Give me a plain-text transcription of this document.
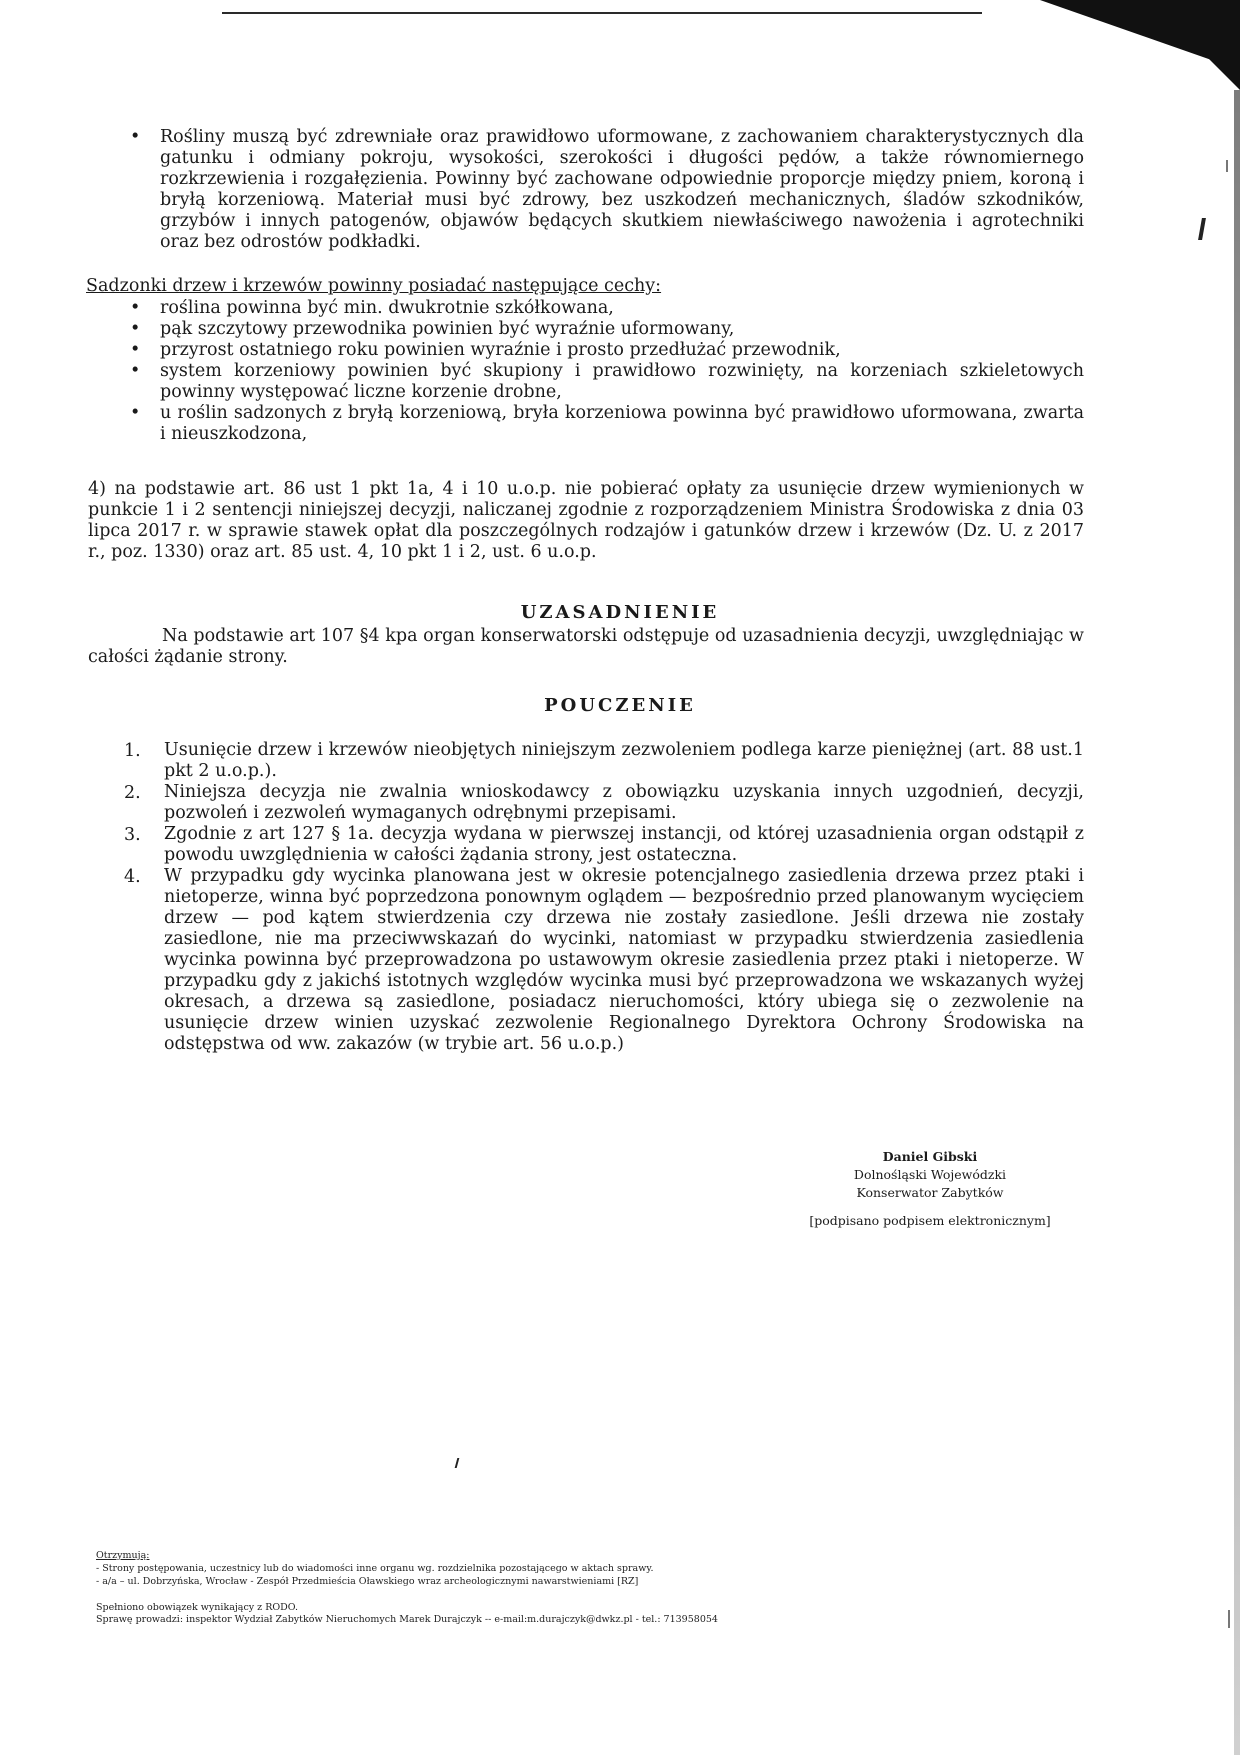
• Rośliny muszą być zdrewniałe oraz prawidłowo uformowane, z zachowaniem charakterystycznych dla gatunku i odmiany pokroju, wysokości, szerokości i długości pędów, a także równomiernego rozkrzewienia i rozgałęzienia. Powinny być zachowane odpowiednie proporcje między pniem, koroną i bryłą korzeniową. Materiał musi być zdrowy, bez uszkodzeń mechanicznych, śladów szkodników, grzybów i innych patogenów, objawów będących skutkiem niewłaściwego nawożenia i agrotechniki oraz bez odrostów podkładki.
Sadzonki drzew i krzewów powinny posiadać następujące cechy:
• roślina powinna być min. dwukrotnie szkółkowana,
• pąk szczytowy przewodnika powinien być wyraźnie uformowany,
• przyrost ostatniego roku powinien wyraźnie i prosto przedłużać przewodnik,
• system korzeniowy powinien być skupiony i prawidłowo rozwinięty, na korzeniach szkieletowych powinny występować liczne korzenie drobne,
• u roślin sadzonych z bryłą korzeniową, bryła korzeniowa powinna być prawidłowo uformowana, zwarta i nieuszkodzona,
4) na podstawie art. 86 ust 1 pkt 1a, 4 i 10 u.o.p. nie pobierać opłaty za usunięcie drzew wymienionych w punkcie 1 i 2 sentencji niniejszej decyzji, naliczanej zgodnie z rozporządzeniem Ministra Środowiska z dnia 03 lipca 2017 r. w sprawie stawek opłat dla poszczególnych rodzajów i gatunków drzew i krzewów (Dz. U. z 2017 r., poz. 1330) oraz art. 85 ust. 4, 10 pkt 1 i 2, ust. 6 u.o.p.
UZASADNIENIE
Na podstawie art 107 §4 kpa organ konserwatorski odstępuje od uzasadnienia decyzji, uwzględniając w całości żądanie strony.
POUCZENIE
1. Usunięcie drzew i krzewów nieobjętych niniejszym zezwoleniem podlega karze pieniężnej (art. 88 ust.1 pkt 2 u.o.p.).
2. Niniejsza decyzja nie zwalnia wnioskodawcy z obowiązku uzyskania innych uzgodnień, decyzji, pozwoleń i zezwoleń wymaganych odrębnymi przepisami.
3. Zgodnie z art 127 § 1a. decyzja wydana w pierwszej instancji, od której uzasadnienia organ odstąpił z powodu uwzględnienia w całości żądania strony, jest ostateczna.
4. W przypadku gdy wycinka planowana jest w okresie potencjalnego zasiedlenia drzewa przez ptaki i nietoperze, winna być poprzedzona ponownym oglądem — bezpośrednio przed planowanym wycięciem drzew — pod kątem stwierdzenia czy drzewa nie zostały zasiedlone. Jeśli drzewa nie zostały zasiedlone, nie ma przeciwwskazań do wycinki, natomiast w przypadku stwierdzenia zasiedlenia wycinka powinna być przeprowadzona po ustawowym okresie zasiedlenia przez ptaki i nietoperze. W przypadku gdy z jakichś istotnych względów wycinka musi być przeprowadzona we wskazanych wyżej okresach, a drzewa są zasiedlone, posiadacz nieruchomości, który ubiega się o zezwolenie na usunięcie drzew winien uzyskać zezwolenie Regionalnego Dyrektora Ochrony Środowiska na odstępstwa od ww. zakazów (w trybie art. 56 u.o.p.)
Daniel Gibski
Dolnośląski Wojewódzki
Konserwator Zabytków
[podpisano podpisem elektronicznym]
Otrzymują:
- Strony postępowania, uczestnicy lub do wiadomości inne organu wg. rozdzielnika pozostającego w aktach sprawy.
- a/a – ul. Dobrzyńska, Wrocław - Zespół Przedmieścia Oławskiego wraz archeologicznymi nawarstwieniami [RZ]
Spełniono obowiązek wynikający z RODO.
Sprawę prowadzi: inspektor Wydział Zabytków Nieruchomych Marek Durajczyk -- e-mail:m.durajczyk@dwkz.pl - tel.: 713958054
